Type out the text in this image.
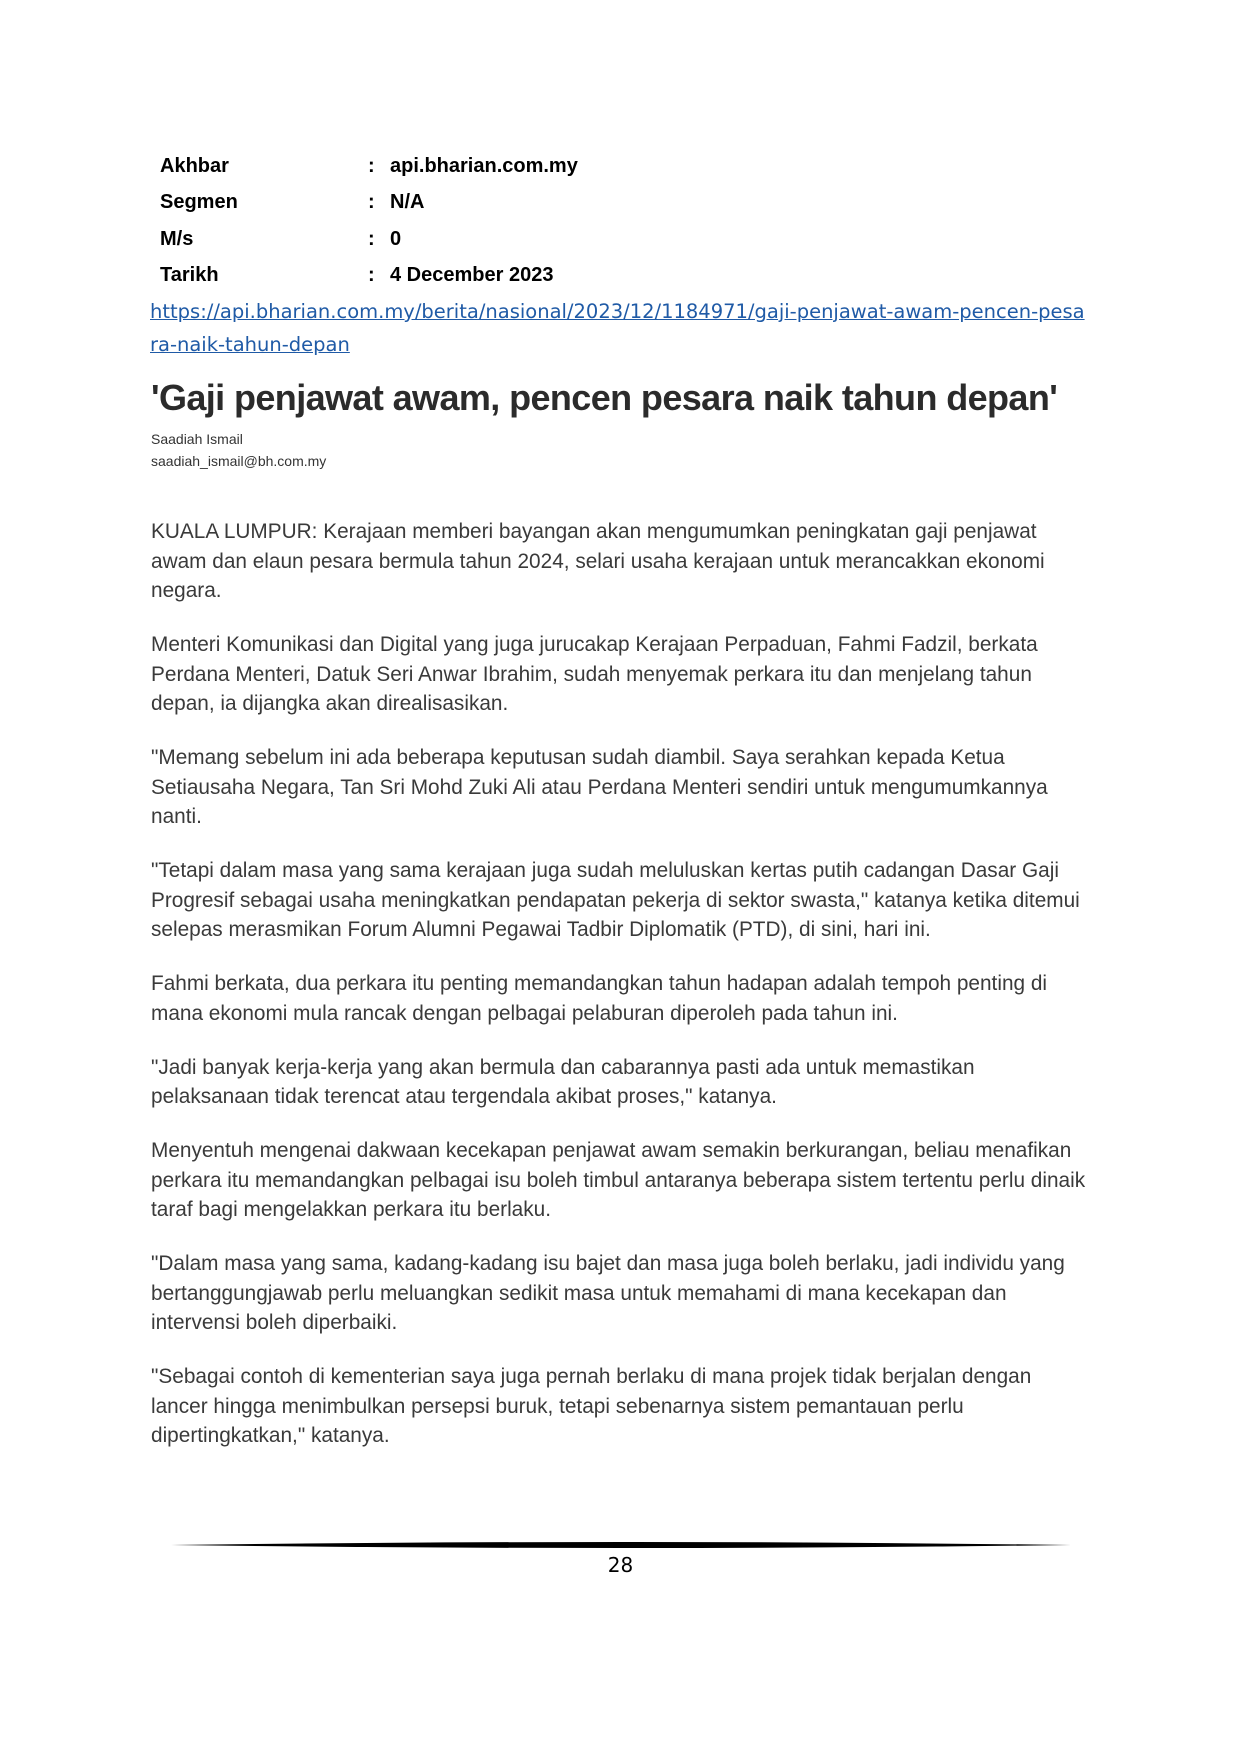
Akhbar	: api.bharian.com.my
Segmen	: N/A
M/s	: 0
Tarikh	: 4 December 2023
https://api.bharian.com.my/berita/nasional/2023/12/1184971/gaji-penjawat-awam-pencen-pesara-naik-tahun-depan
'Gaji penjawat awam, pencen pesara naik tahun depan'
Saadiah Ismail
saadiah_ismail@bh.com.my

KUALA LUMPUR: Kerajaan memberi bayangan akan mengumumkan peningkatan gaji penjawat awam dan elaun pesara bermula tahun 2024, selari usaha kerajaan untuk merancakkan ekonomi negara.

Menteri Komunikasi dan Digital yang juga jurucakap Kerajaan Perpaduan, Fahmi Fadzil, berkata Perdana Menteri, Datuk Seri Anwar Ibrahim, sudah menyemak perkara itu dan menjelang tahun depan, ia dijangka akan direalisasikan.

"Memang sebelum ini ada beberapa keputusan sudah diambil. Saya serahkan kepada Ketua Setiausaha Negara, Tan Sri Mohd Zuki Ali atau Perdana Menteri sendiri untuk mengumumkannya nanti.

"Tetapi dalam masa yang sama kerajaan juga sudah meluluskan kertas putih cadangan Dasar Gaji Progresif sebagai usaha meningkatkan pendapatan pekerja di sektor swasta," katanya ketika ditemui selepas merasmikan Forum Alumni Pegawai Tadbir Diplomatik (PTD), di sini, hari ini.

Fahmi berkata, dua perkara itu penting memandangkan tahun hadapan adalah tempoh penting di mana ekonomi mula rancak dengan pelbagai pelaburan diperoleh pada tahun ini.

"Jadi banyak kerja-kerja yang akan bermula dan cabarannya pasti ada untuk memastikan pelaksanaan tidak terencat atau tergendala akibat proses," katanya.

Menyentuh mengenai dakwaan kecekapan penjawat awam semakin berkurangan, beliau menafikan perkara itu memandangkan pelbagai isu boleh timbul antaranya beberapa sistem tertentu perlu dinaik taraf bagi mengelakkan perkara itu berlaku.

"Dalam masa yang sama, kadang-kadang isu bajet dan masa juga boleh berlaku, jadi individu yang bertanggungjawab perlu meluangkan sedikit masa untuk memahami di mana kecekapan dan intervensi boleh diperbaiki.

"Sebagai contoh di kementerian saya juga pernah berlaku di mana projek tidak berjalan dengan lancer hingga menimbulkan persepsi buruk, tetapi sebenarnya sistem pemantauan perlu dipertingkatkan," katanya.

28
